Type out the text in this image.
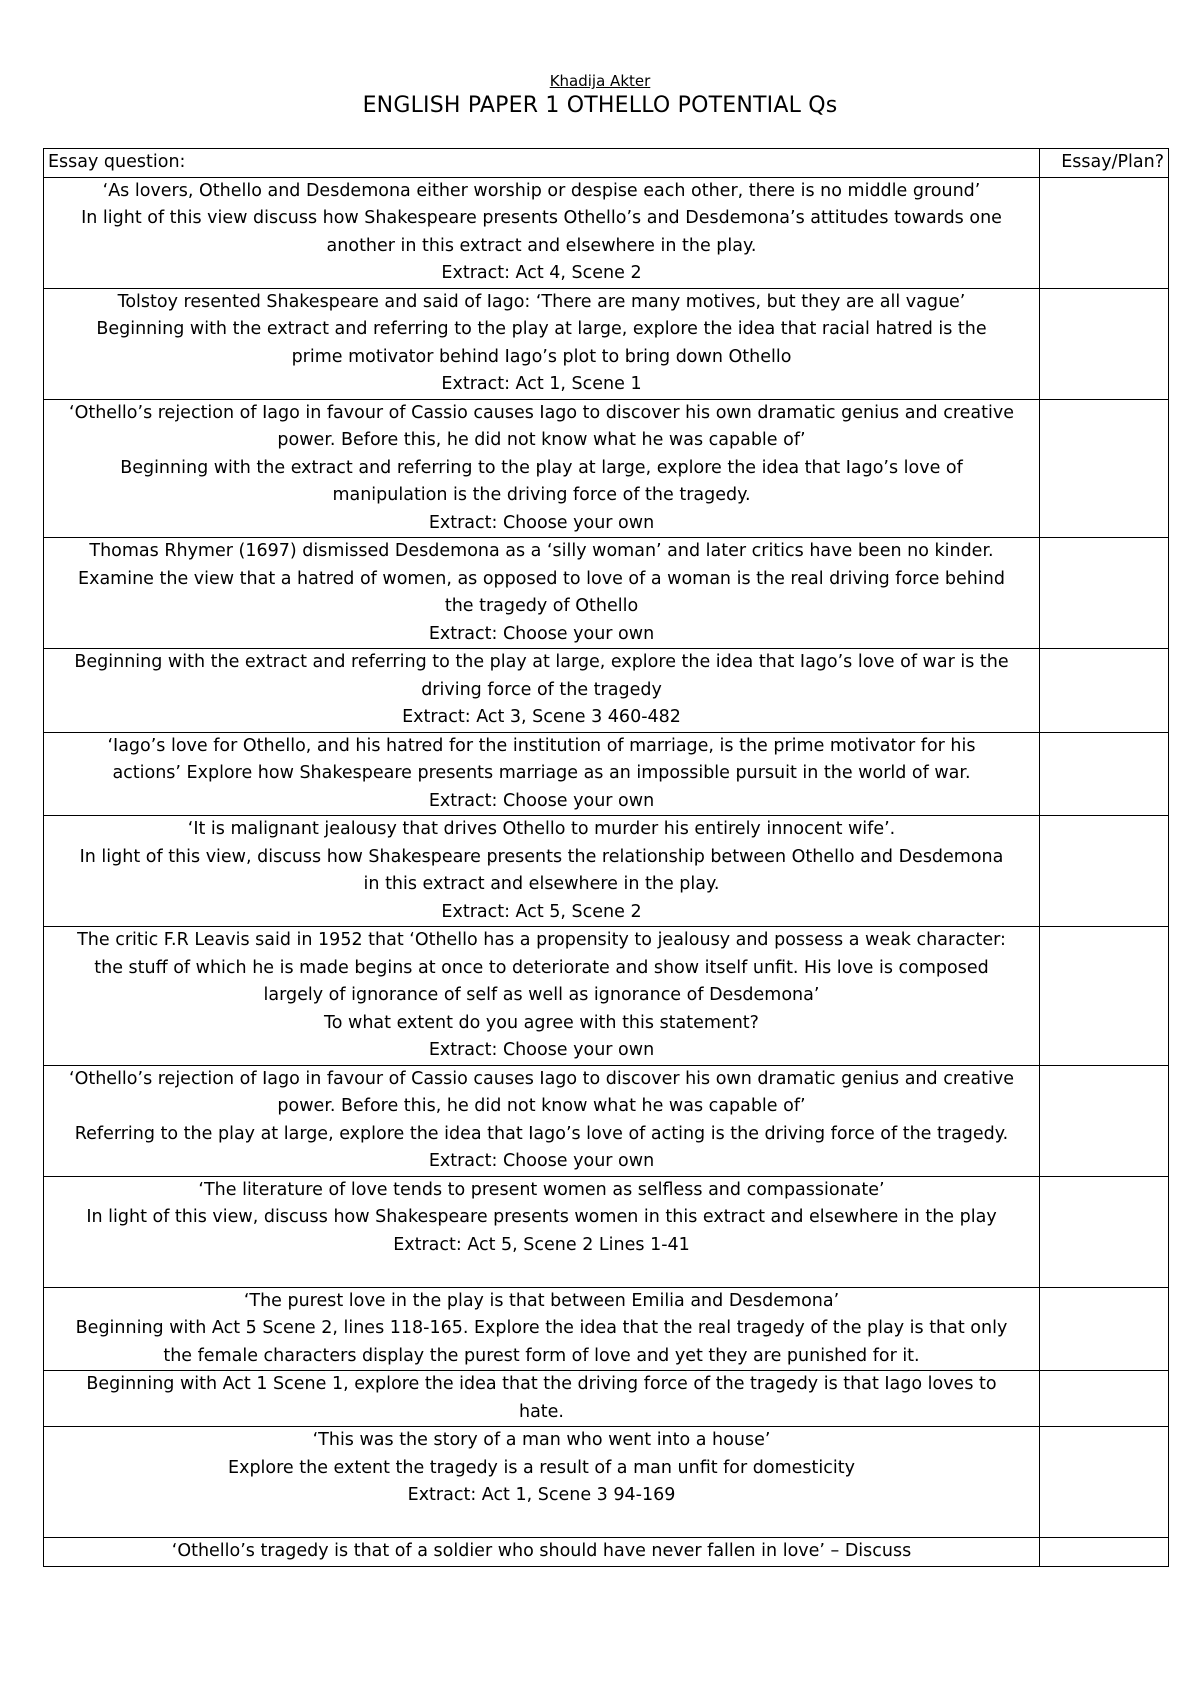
Khadija Akter
ENGLISH PAPER 1 OTHELLO POTENTIAL Qs
Essay question:	Essay/Plan?

‘As lovers, Othello and Desdemona either worship or despise each other, there is no middle ground’
In light of this view discuss how Shakespeare presents Othello’s and Desdemona’s attitudes towards one
another in this extract and elsewhere in the play.
Extract: Act 4, Scene 2	

Tolstoy resented Shakespeare and said of Iago: ‘There are many motives, but they are all vague’
Beginning with the extract and referring to the play at large, explore the idea that racial hatred is the
prime motivator behind Iago’s plot to bring down Othello
Extract: Act 1, Scene 1	

‘Othello’s rejection of Iago in favour of Cassio causes Iago to discover his own dramatic genius and creative
power. Before this, he did not know what he was capable of’
Beginning with the extract and referring to the play at large, explore the idea that Iago’s love of
manipulation is the driving force of the tragedy.
Extract: Choose your own	

Thomas Rhymer (1697) dismissed Desdemona as a ‘silly woman’ and later critics have been no kinder.
Examine the view that a hatred of women, as opposed to love of a woman is the real driving force behind
the tragedy of Othello
Extract: Choose your own	

Beginning with the extract and referring to the play at large, explore the idea that Iago’s love of war is the
driving force of the tragedy
Extract: Act 3, Scene 3 460-482	

‘Iago’s love for Othello, and his hatred for the institution of marriage, is the prime motivator for his
actions’ Explore how Shakespeare presents marriage as an impossible pursuit in the world of war.
Extract: Choose your own	

‘It is malignant jealousy that drives Othello to murder his entirely innocent wife’.
In light of this view, discuss how Shakespeare presents the relationship between Othello and Desdemona
in this extract and elsewhere in the play.
Extract: Act 5, Scene 2	

The critic F.R Leavis said in 1952 that ‘Othello has a propensity to jealousy and possess a weak character:
the stuff of which he is made begins at once to deteriorate and show itself unfit. His love is composed
largely of ignorance of self as well as ignorance of Desdemona’
To what extent do you agree with this statement?
Extract: Choose your own	

‘Othello’s rejection of Iago in favour of Cassio causes Iago to discover his own dramatic genius and creative
power. Before this, he did not know what he was capable of’
Referring to the play at large, explore the idea that Iago’s love of acting is the driving force of the tragedy.
Extract: Choose your own	

‘The literature of love tends to present women as selfless and compassionate’
In light of this view, discuss how Shakespeare presents women in this extract and elsewhere in the play
Extract: Act 5, Scene 2 Lines 1-41	

‘The purest love in the play is that between Emilia and Desdemona’
Beginning with Act 5 Scene 2, lines 118-165. Explore the idea that the real tragedy of the play is that only
the female characters display the purest form of love and yet they are punished for it.	

Beginning with Act 1 Scene 1, explore the idea that the driving force of the tragedy is that Iago loves to
hate.	

‘This was the story of a man who went into a house’
Explore the extent the tragedy is a result of a man unfit for domesticity
Extract: Act 1, Scene 3 94-169	

‘Othello’s tragedy is that of a soldier who should have never fallen in love’ – Discuss	
